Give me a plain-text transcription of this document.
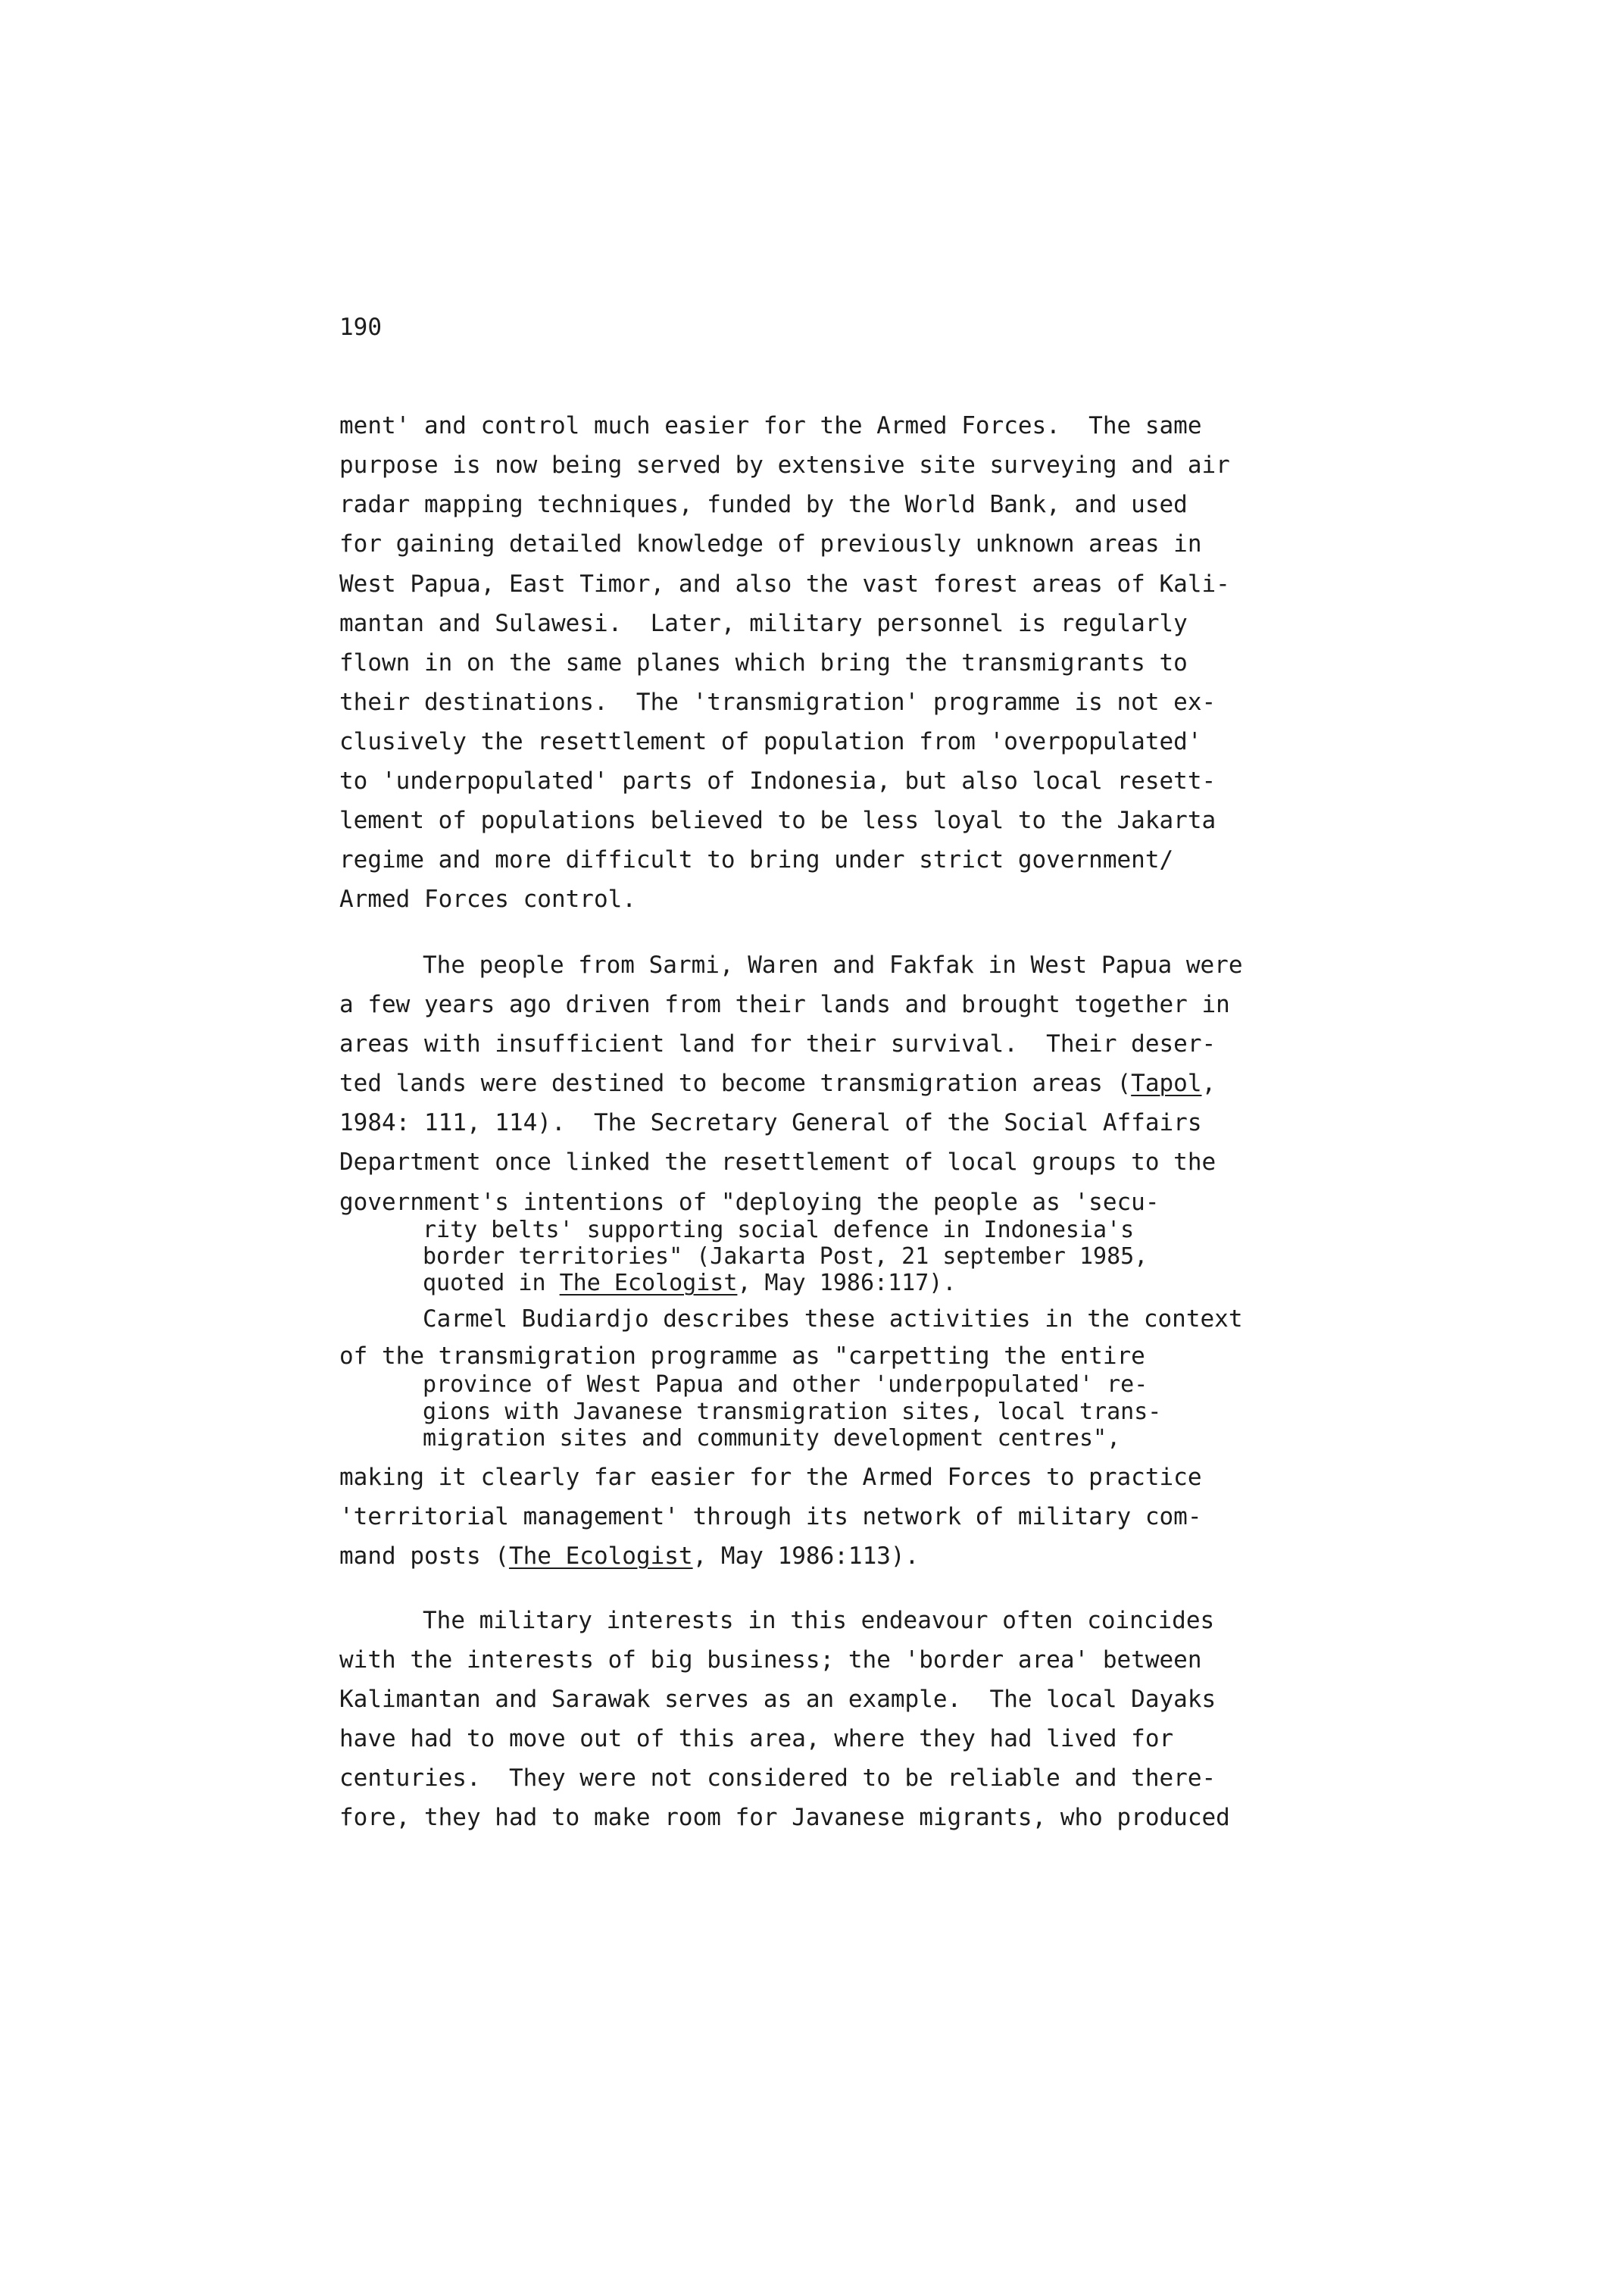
190

ment' and control much easier for the Armed Forces.  The same

purpose is now being served by extensive site surveying and air

radar mapping techniques, funded by the World Bank, and used

for gaining detailed knowledge of previously unknown areas in

West Papua, East Timor, and also the vast forest areas of Kali-

mantan and Sulawesi.  Later, military personnel is regularly

flown in on the same planes which bring the transmigrants to

their destinations.  The 'transmigration' programme is not ex-

clusively the resettlement of population from 'overpopulated'

to 'underpopulated' parts of Indonesia, but also local resett-

lement of populations believed to be less loyal to the Jakarta

regime and more difficult to bring under strict government/

Armed Forces control.

The people from Sarmi, Waren and Fakfak in West Papua were

a few years ago driven from their lands and brought together in

areas with insufficient land for their survival.  Their deser-

ted lands were destined to become transmigration areas (Tapol,

1984: 111, 114).  The Secretary General of the Social Affairs

Department once linked the resettlement of local groups to the

government's intentions of "deploying the people as 'secu-

rity belts' supporting social defence in Indonesia's

border territories" (Jakarta Post, 21 september 1985,

quoted in The Ecologist, May 1986:117).

Carmel Budiardjo describes these activities in the context

of the transmigration programme as "carpetting the entire

province of West Papua and other 'underpopulated' re-

gions with Javanese transmigration sites, local trans-

migration sites and community development centres",

making it clearly far easier for the Armed Forces to practice

'territorial management' through its network of military com-

mand posts (The Ecologist, May 1986:113).

The military interests in this endeavour often coincides

with the interests of big business; the 'border area' between

Kalimantan and Sarawak serves as an example.  The local Dayaks

have had to move out of this area, where they had lived for

centuries.  They were not considered to be reliable and there-

fore, they had to make room for Javanese migrants, who produced
